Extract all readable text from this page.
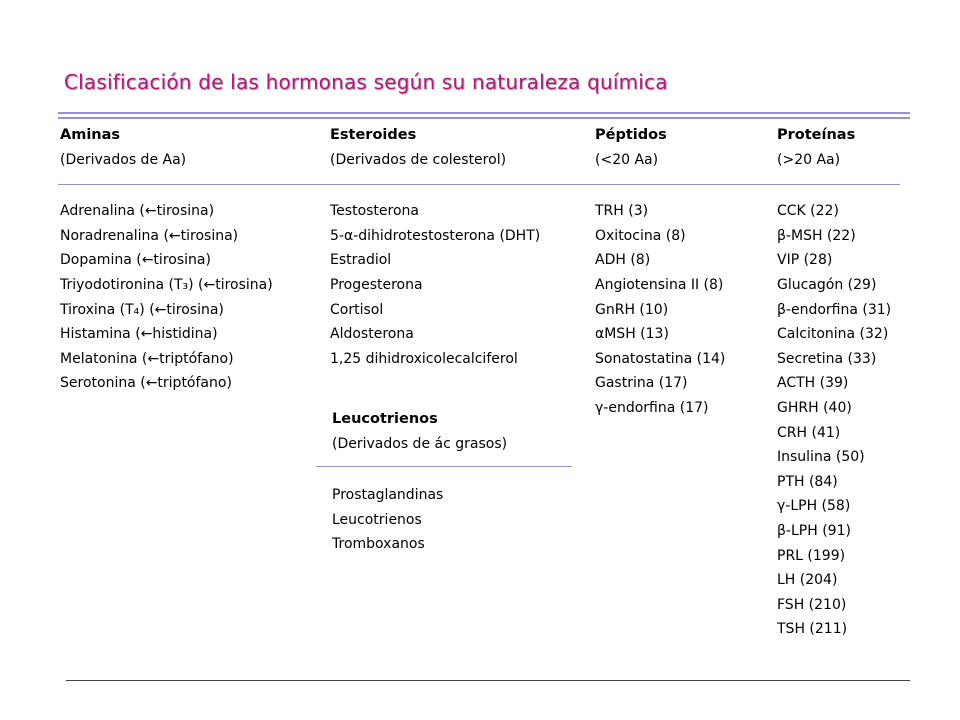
Clasificación de las hormonas según su naturaleza química
Aminas
(Derivados de Aa)
Adrenalina (←tirosina)
Noradrenalina (←tirosina)
Dopamina (←tirosina)
Triyodotironina (T₃) (←tirosina)
Tiroxina (T₄) (←tirosina)
Histamina (←histidina)
Melatonina (←triptófano)
Serotonina (←triptófano)
Esteroides
(Derivados de colesterol)
Testosterona
5-α-dihidrotestosterona (DHT)
Estradiol
Progesterona
Cortisol
Aldosterona
1,25 dihidroxicolecalciferol
Péptidos
(<20 Aa)
TRH (3)
Oxitocina (8)
ADH (8)
Angiotensina II (8)
GnRH (10)
αMSH (13)
Sonatostatina (14)
Gastrina (17)
γ-endorfina (17)
Proteínas
(>20 Aa)
CCK (22)
β-MSH (22)
VIP (28)
Glucagón (29)
β-endorfina (31)
Calcitonina (32)
Secretina (33)
ACTH (39)
GHRH (40)
CRH (41)
Insulina (50)
PTH (84)
γ-LPH (58)
β-LPH (91)
PRL (199)
LH (204)
FSH (210)
TSH (211)
Leucotrienos
(Derivados de ác grasos)
Prostaglandinas
Leucotrienos
Tromboxanos
